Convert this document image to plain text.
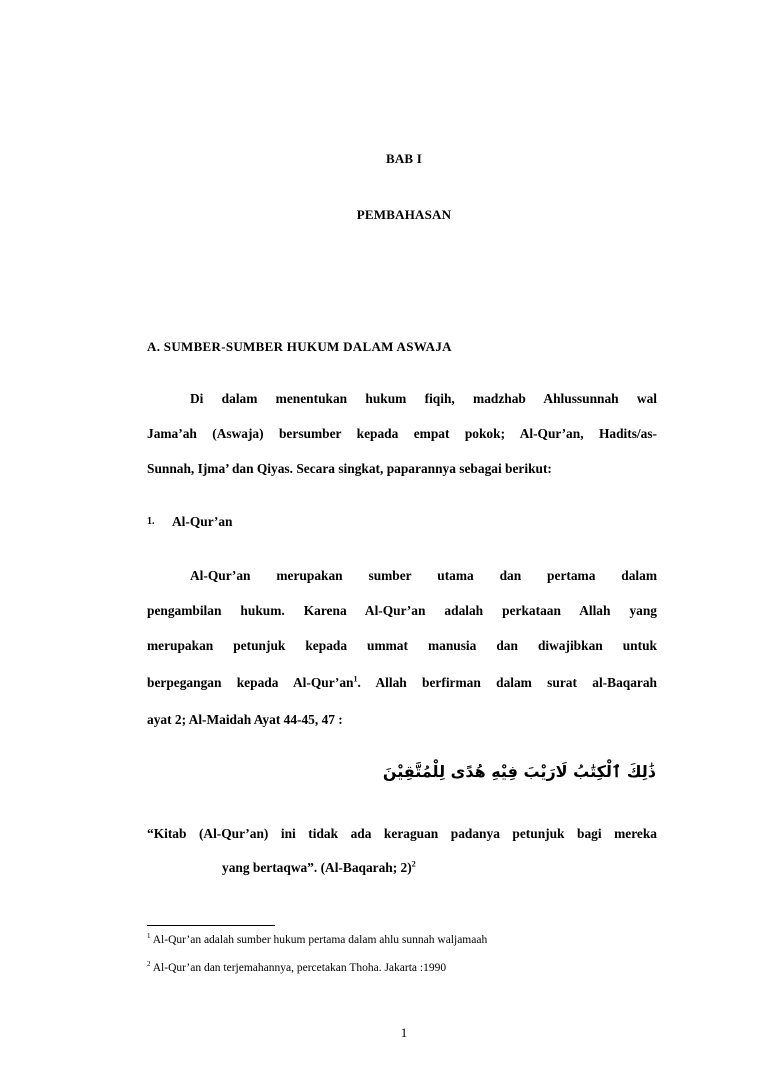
BAB I
PEMBAHASAN
A. SUMBER-SUMBER HUKUM DALAM ASWAJA
Di dalam menentukan hukum fiqih, madzhab Ahlussunnah wal
Jama’ah (Aswaja) bersumber kepada empat pokok; Al-Qur’an, Hadits/as-
Sunnah, Ijma’ dan Qiyas. Secara singkat, paparannya sebagai berikut:
1. Al-Qur’an
Al-Qur’an merupakan sumber utama dan pertama dalam
pengambilan hukum. Karena Al-Qur’an adalah perkataan Allah yang
merupakan petunjuk kepada ummat manusia dan diwajibkan untuk
berpegangan kepada $Al-Qur’an^1$. Allah berfirman dalam surat al-Baqarah
ayat 2; Al-Maidah Ayat 44-45, 47 :
ذَٰلِكَ ٱلْكِتَٰبُ لَارَيْبَ فِيْهِ هُدًى لِلْمُتَّقِيْنَ
“Kitab (Al-Qur’an) ini tidak ada keraguan padanya petunjuk bagi mereka
yang bertaqwa”. (Al-Baqarah; 2)$^2$
$^1$ Al-Qur’an adalah sumber hukum pertama dalam ahlu sunnah waljamaah
$^2$ Al-Qur’an dan terjemahannya, percetakan Thoha. Jakarta :1990
1
